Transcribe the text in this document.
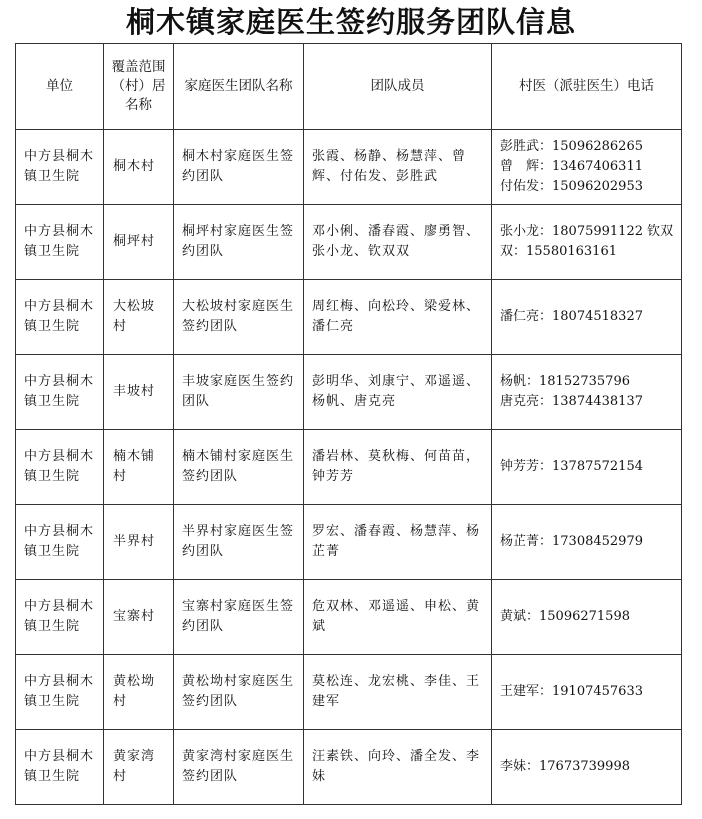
桐木镇家庭医生签约服务团队信息
单位	覆盖范围（村）居名称	家庭医生团队名称	团队成员	村医（派驻医生）电话
中方县桐木镇卫生院	桐木村	桐木村家庭医生签约团队	张霞、杨静、杨慧萍、曾辉、付佑发、彭胜武	彭胜武：15096286265
曾　辉：13467406311
付佑发：15096202953
中方县桐木镇卫生院	桐坪村	桐坪村家庭医生签约团队	邓小俐、潘春霞、廖勇智、张小龙、钦双双	张小龙：18075991122 钦双双：15580163161
中方县桐木镇卫生院	大松坡村	大松坡村家庭医生签约团队	周红梅、向松玲、梁爱林、潘仁亮	潘仁亮：18074518327
中方县桐木镇卫生院	丰坡村	丰坡家庭医生签约团队	彭明华、刘康宁、邓遥遥、杨帆、唐克亮	杨帆：18152735796
唐克亮：13874438137
中方县桐木镇卫生院	楠木铺村	楠木铺村家庭医生签约团队	潘岩林、莫秋梅、何苗苗，钟芳芳	钟芳芳：13787572154
中方县桐木镇卫生院	半界村	半界村家庭医生签约团队	罗宏、潘春霞、杨慧萍、杨芷菁	杨芷菁：17308452979
中方县桐木镇卫生院	宝寨村	宝寨村家庭医生签约团队	危双林、邓遥遥、申松、黄斌	黄斌：15096271598
中方县桐木镇卫生院	黄松坳村	黄松坳村家庭医生签约团队	莫松连、龙宏桃、李佳、王建军	王建军：19107457633
中方县桐木镇卫生院	黄家湾村	黄家湾村家庭医生签约团队	汪素铁、向玲、潘全发、李妹	李妹：17673739998
